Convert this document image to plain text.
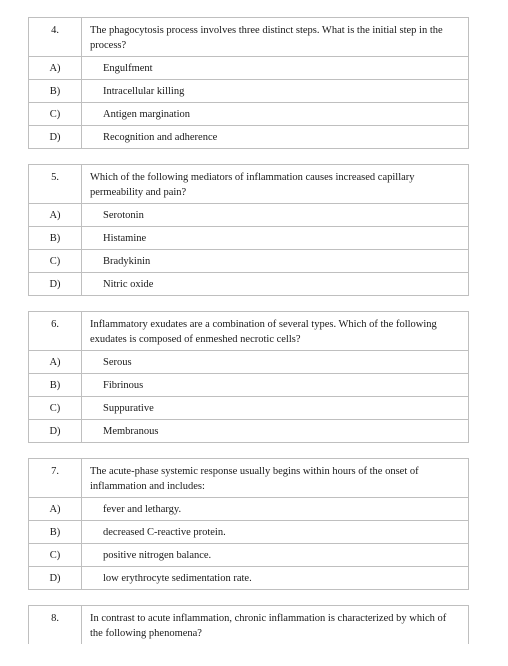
4.	The phagocytosis process involves three distinct steps. What is the initial step in the process?
A)	Engulfment
B)	Intracellular killing
C)	Antigen margination
D)	Recognition and adherence
5.	Which of the following mediators of inflammation causes increased capillary permeability and pain?
A)	Serotonin
B)	Histamine
C)	Bradykinin
D)	Nitric oxide
6.	Inflammatory exudates are a combination of several types. Which of the following exudates is composed of enmeshed necrotic cells?
A)	Serous
B)	Fibrinous
C)	Suppurative
D)	Membranous
7.	The acute-phase systemic response usually begins within hours of the onset of inflammation and includes:
A)	fever and lethargy.
B)	decreased C-reactive protein.
C)	positive nitrogen balance.
D)	low erythrocyte sedimentation rate.
8.	In contrast to acute inflammation, chronic inflammation is characterized by which of the following phenomena?
